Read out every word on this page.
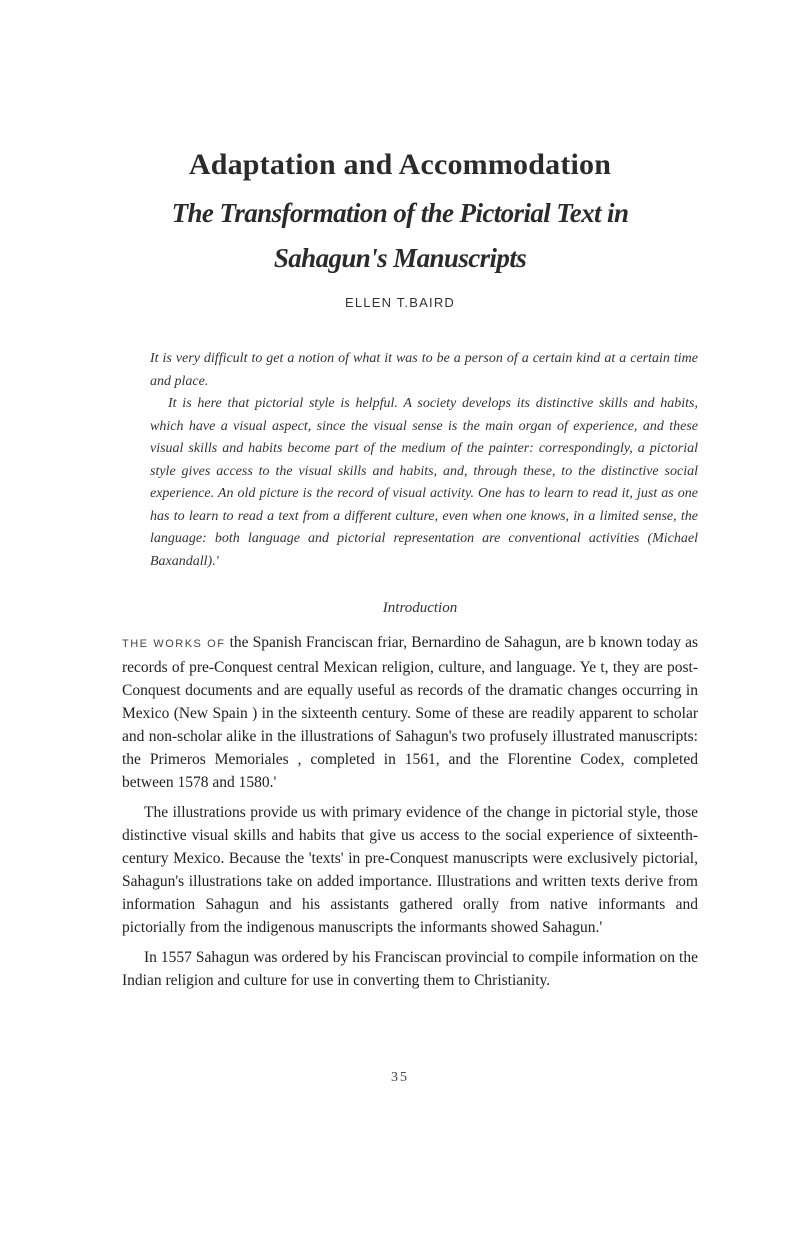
Adaptation and Accommodation
The Transformation of the Pictorial Text in
Sahagun's Manuscripts
ELLEN T.BAIRD

It is very difficult to get a notion of what it was to be a person of a certain kind at a certain time and place.

It is here that pictorial style is helpful. A society develops its distinctive skills and habits, which have a visual aspect, since the visual sense is the main organ of experience, and these visual skills and habits become part of the medium of the painter: correspondingly, a pictorial style gives access to the visual skills and habits, and, through these, to the distinctive social experience. An old picture is the record of visual activity. One has to learn to read it, just as one has to learn to read a text from a different culture, even when one knows, in a limited sense, the language: both language and pictorial representation are conventional activities (Michael Baxandall).'

Introduction

THE WORKS OF the Spanish Franciscan friar, Bernardino de Sahagun, are b known today as records of pre-Conquest central Mexican religion, culture, and language. Ye t, they are post-Conquest documents and are equally useful as records of the dramatic changes occurring in Mexico (New Spain ) in the sixteenth century. Some of these are readily apparent to scholar and non-scholar alike in the illustrations of Sahagun's two profusely illustrated manuscripts: the Primeros Memoriales , completed in 1561, and the Florentine Codex, completed between 1578 and 1580.'

The illustrations provide us with primary evidence of the change in pictorial style, those distinctive visual skills and habits that give us access to the social experience of sixteenth-century Mexico. Because the 'texts' in pre-Conquest manuscripts were exclusively pictorial, Sahagun's illustrations take on added importance. Illustrations and written texts derive from information Sahagun and his assistants gathered orally from native informants and pictorially from the indigenous manuscripts the informants showed Sahagun.'

In 1557 Sahagun was ordered by his Franciscan provincial to compile information on the Indian religion and culture for use in converting them to Christianity.

35
